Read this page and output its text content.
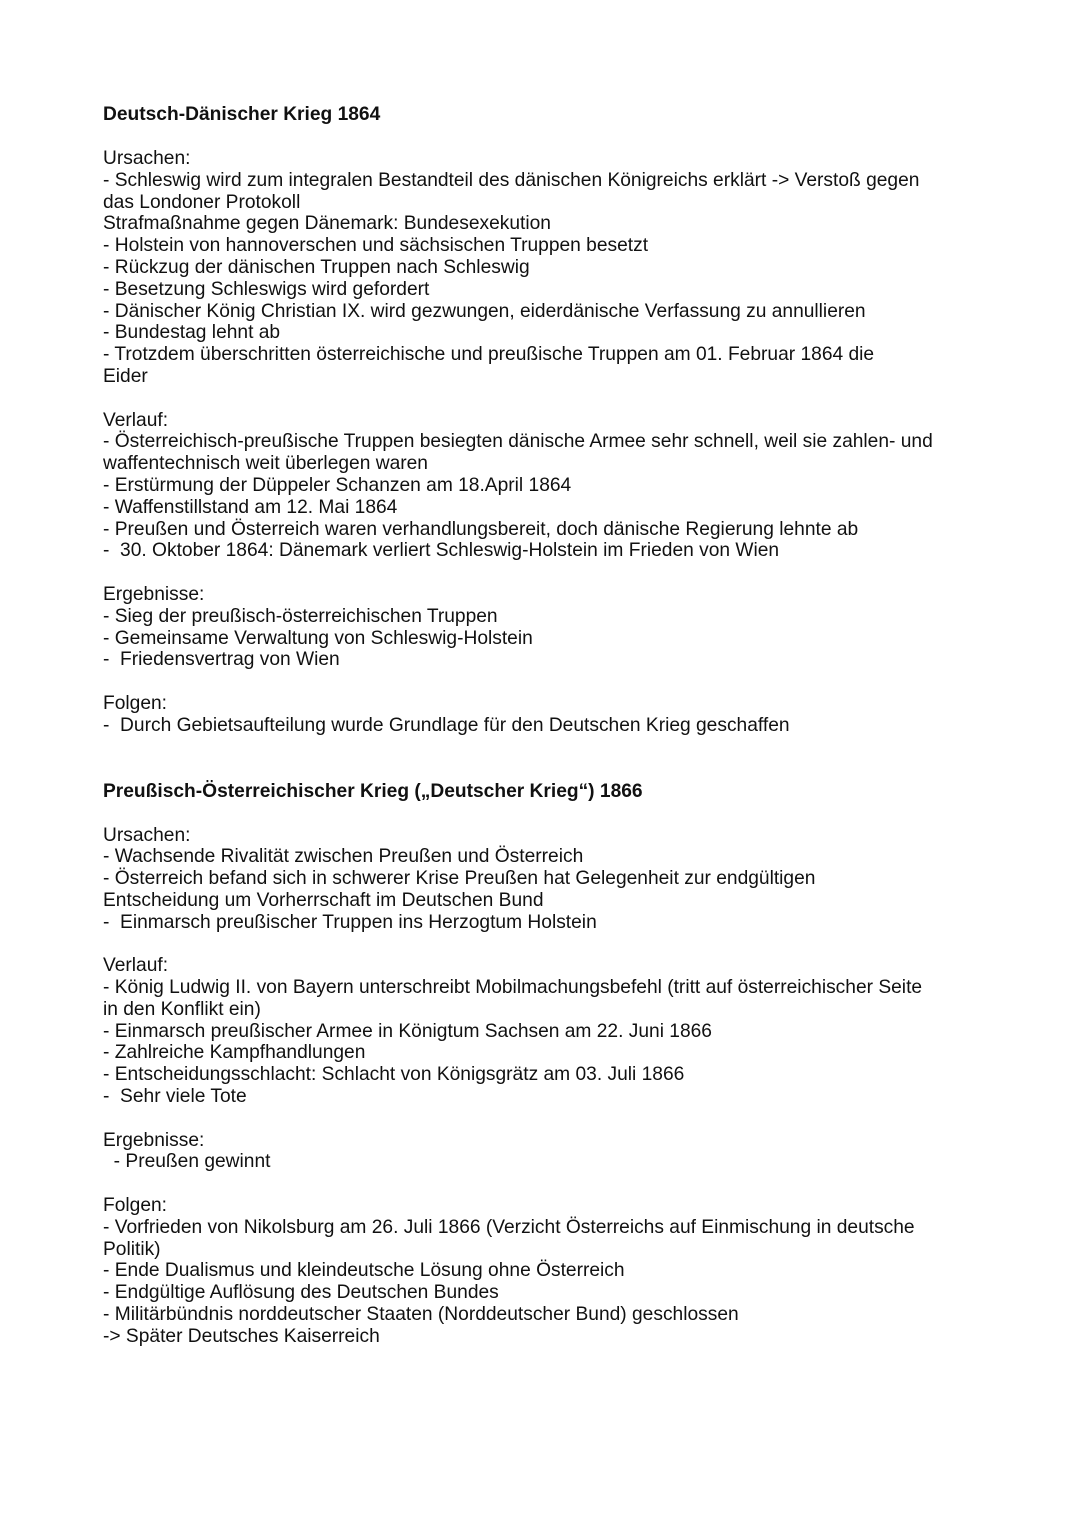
Deutsch-Dänischer Krieg 1864

Ursachen:

- Schleswig wird zum integralen Bestandteil des dänischen Königreichs erklärt -> Verstoß gegen

das Londoner Protokoll

Strafmaßnahme gegen Dänemark: Bundesexekution

- Holstein von hannoverschen und sächsischen Truppen besetzt

- Rückzug der dänischen Truppen nach Schleswig

- Besetzung Schleswigs wird gefordert

- Dänischer König Christian IX. wird gezwungen, eiderdänische Verfassung zu annullieren

- Bundestag lehnt ab

- Trotzdem überschritten österreichische und preußische Truppen am 01. Februar 1864 die

Eider

Verlauf:

- Österreichisch-preußische Truppen besiegten dänische Armee sehr schnell, weil sie zahlen- und

waffentechnisch weit überlegen waren

- Erstürmung der Düppeler Schanzen am 18.April 1864

- Waffenstillstand am 12. Mai 1864

- Preußen und Österreich waren verhandlungsbereit, doch dänische Regierung lehnte ab

-  30. Oktober 1864: Dänemark verliert Schleswig-Holstein im Frieden von Wien

Ergebnisse:

- Sieg der preußisch-österreichischen Truppen

- Gemeinsame Verwaltung von Schleswig-Holstein

-  Friedensvertrag von Wien

Folgen:

-  Durch Gebietsaufteilung wurde Grundlage für den Deutschen Krieg geschaffen

Preußisch-Österreichischer Krieg („Deutscher Krieg“) 1866

Ursachen:

- Wachsende Rivalität zwischen Preußen und Österreich

- Österreich befand sich in schwerer Krise Preußen hat Gelegenheit zur endgültigen

Entscheidung um Vorherrschaft im Deutschen Bund

-  Einmarsch preußischer Truppen ins Herzogtum Holstein

Verlauf:

- König Ludwig II. von Bayern unterschreibt Mobilmachungsbefehl (tritt auf österreichischer Seite

in den Konflikt ein)

- Einmarsch preußischer Armee in Königtum Sachsen am 22. Juni 1866

- Zahlreiche Kampfhandlungen

- Entscheidungsschlacht: Schlacht von Königsgrätz am 03. Juli 1866

-  Sehr viele Tote

Ergebnisse:

- Preußen gewinnt

Folgen:

- Vorfrieden von Nikolsburg am 26. Juli 1866 (Verzicht Österreichs auf Einmischung in deutsche

Politik)

- Ende Dualismus und kleindeutsche Lösung ohne Österreich

- Endgültige Auflösung des Deutschen Bundes

- Militärbündnis norddeutscher Staaten (Norddeutscher Bund) geschlossen

-> Später Deutsches Kaiserreich
